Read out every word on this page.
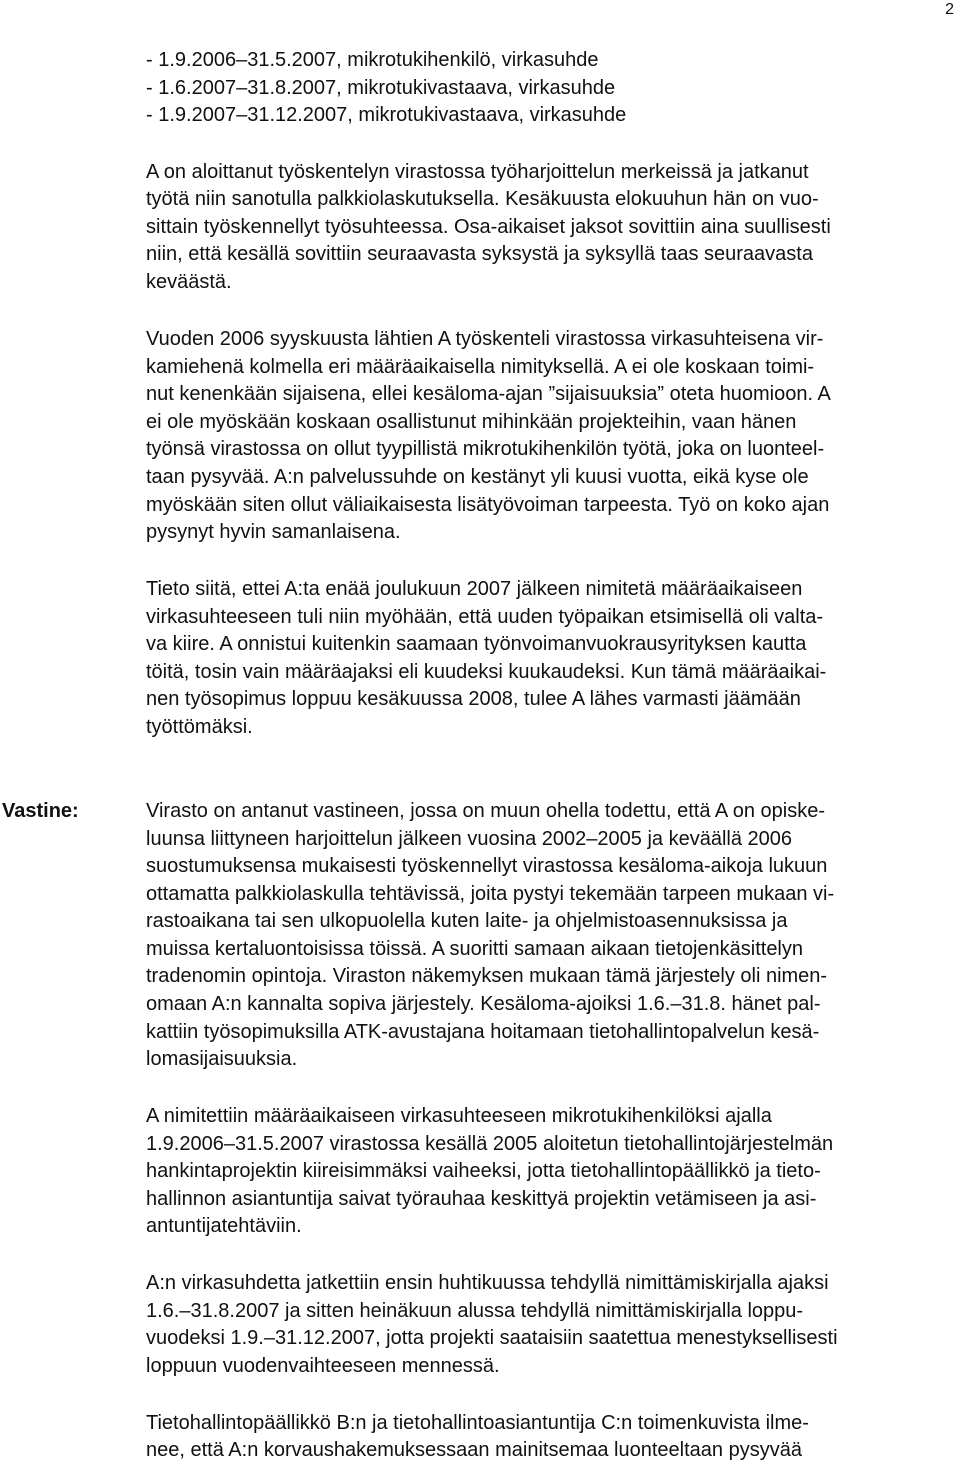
2
- 1.9.2006–31.5.2007, mikrotukihenkilö, virkasuhde
- 1.6.2007–31.8.2007, mikrotukivastaava, virkasuhde
- 1.9.2007–31.12.2007, mikrotukivastaava, virkasuhde
A on aloittanut työskentelyn virastossa työharjoittelun merkeissä ja jatkanut
työtä niin sanotulla palkkiolaskutuksella. Kesäkuusta elokuuhun hän on vuo-
sittain työskennellyt työsuhteessa. Osa-aikaiset jaksot sovittiin aina suullisesti
niin, että kesällä sovittiin seuraavasta syksystä ja syksyllä taas seuraavasta
keväästä.
Vuoden 2006 syyskuusta lähtien A työskenteli virastossa virkasuhteisena vir-
kamiehenä kolmella eri määräaikaisella nimityksellä. A ei ole koskaan toimi-
nut kenenkään sijaisena, ellei kesäloma-ajan ”sijaisuuksia” oteta huomioon. A
ei ole myöskään koskaan osallistunut mihinkään projekteihin, vaan hänen
työnsä virastossa on ollut tyypillistä mikrotukihenkilön työtä, joka on luonteel-
taan pysyvää. A:n palvelussuhde on kestänyt yli kuusi vuotta, eikä kyse ole
myöskään siten ollut väliaikaisesta lisätyövoiman tarpeesta. Työ on koko ajan
pysynyt hyvin samanlaisena.
Tieto siitä, ettei A:ta enää joulukuun 2007 jälkeen nimitetä määräaikaiseen
virkasuhteeseen tuli niin myöhään, että uuden työpaikan etsimisellä oli valta-
va kiire. A onnistui kuitenkin saamaan työnvoimanvuokrausyrityksen kautta
töitä, tosin vain määräajaksi eli kuudeksi kuukaudeksi. Kun tämä määräaikai-
nen työsopimus loppuu kesäkuussa 2008, tulee A lähes varmasti jäämään
työttömäksi.
Vastine:	Virasto on antanut vastineen, jossa on muun ohella todettu, että A on opiske-
luunsa liittyneen harjoittelun jälkeen vuosina 2002–2005 ja keväällä 2006
suostumuksensa mukaisesti työskennellyt virastossa kesäloma-aikoja lukuun
ottamatta palkkiolaskulla tehtävissä, joita pystyi tekemään tarpeen mukaan vi-
rastoaikana tai sen ulkopuolella kuten laite- ja ohjelmistoasennuksissa ja
muissa kertaluontoisissa töissä. A suoritti samaan aikaan tietojenkäsittelyn
tradenomin opintoja. Viraston näkemyksen mukaan tämä järjestely oli nimen-
omaan A:n kannalta sopiva järjestely. Kesäloma-ajoiksi 1.6.–31.8. hänet pal-
kattiin työsopimuksilla ATK-avustajana hoitamaan tietohallintopalvelun kesä-
lomasijaisuuksia.
A nimitettiin määräaikaiseen virkasuhteeseen mikrotukihenkilöksi ajalla
1.9.2006–31.5.2007 virastossa kesällä 2005 aloitetun tietohallintojärjestelmän
hankintaprojektin kiireisimmäksi vaiheeksi, jotta tietohallintopäällikkö ja tieto-
hallinnon asiantuntija saivat työrauhaa keskittyä projektin vetämiseen ja asi-
antuntijatehtäviin.
A:n virkasuhdetta jatkettiin ensin huhtikuussa tehdyllä nimittämiskirjalla ajaksi
1.6.–31.8.2007 ja sitten heinäkuun alussa tehdyllä nimittämiskirjalla loppu-
vuodeksi 1.9.–31.12.2007, jotta projekti saataisiin saatettua menestyksellisesti
loppuun vuodenvaihteeseen mennessä.
Tietohallintopäällikkö B:n ja tietohallintoasiantuntija C:n toimenkuvista ilme-
nee, että A:n korvaushakemuksessaan mainitsemaa luonteeltaan pysyvää
